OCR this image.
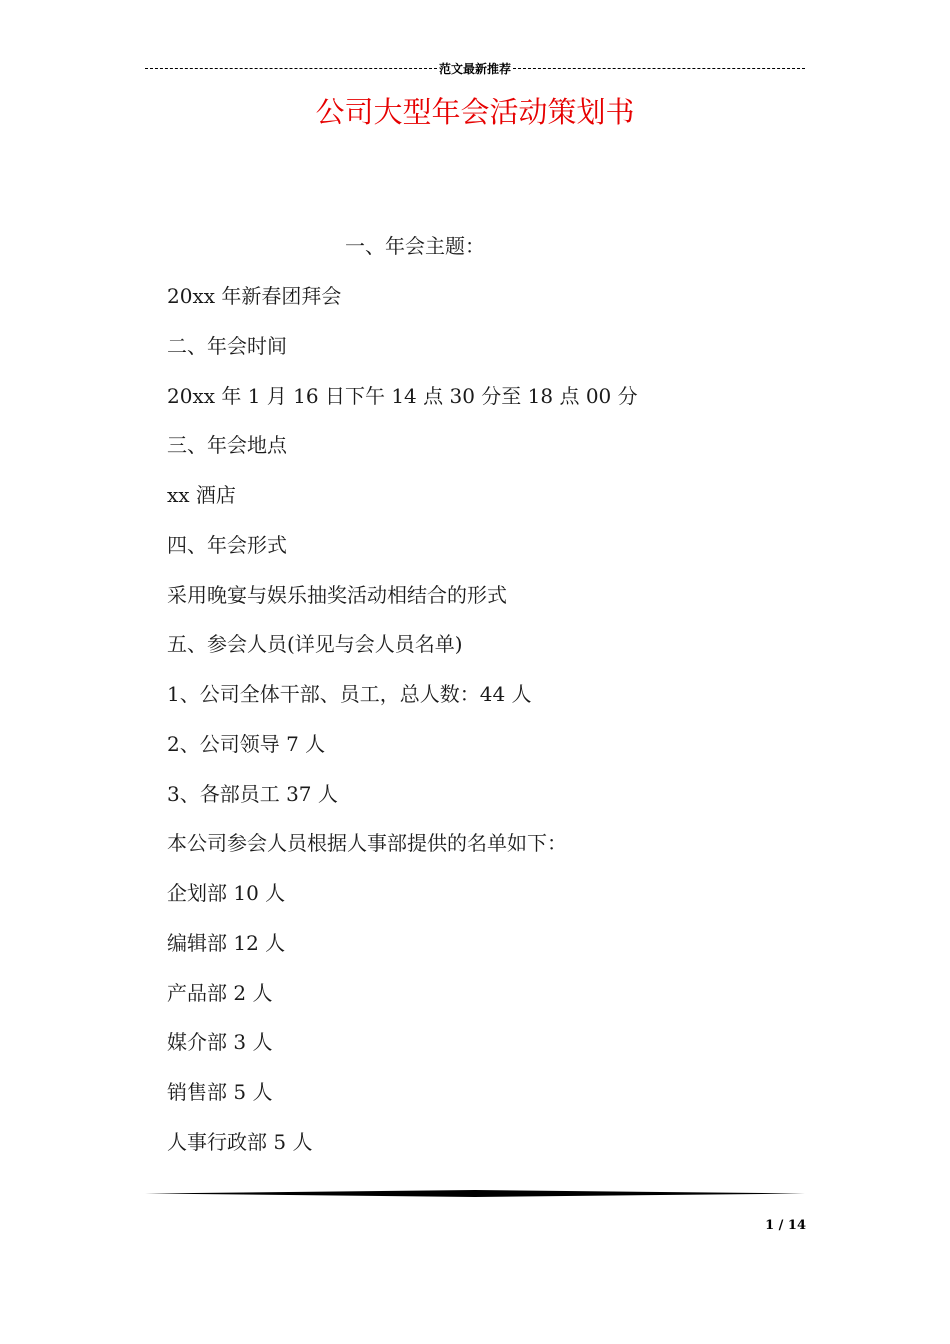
范文最新推荐
公司大型年会活动策划书
一、年会主题：
20xx 年新春团拜会
二、年会时间
20xx 年 1 月 16 日下午 14 点 30 分至 18 点 00 分
三、年会地点
xx 酒店
四、年会形式
采用晚宴与娱乐抽奖活动相结合的形式
五、参会人员(详见与会人员名单)
1、公司全体干部、员工，总人数：44 人
2、公司领导 7 人
3、各部员工 37 人
本公司参会人员根据人事部提供的名单如下：
企划部 10 人
编辑部 12 人
产品部 2 人
媒介部 3 人
销售部 5 人
人事行政部 5 人
1 / 14
